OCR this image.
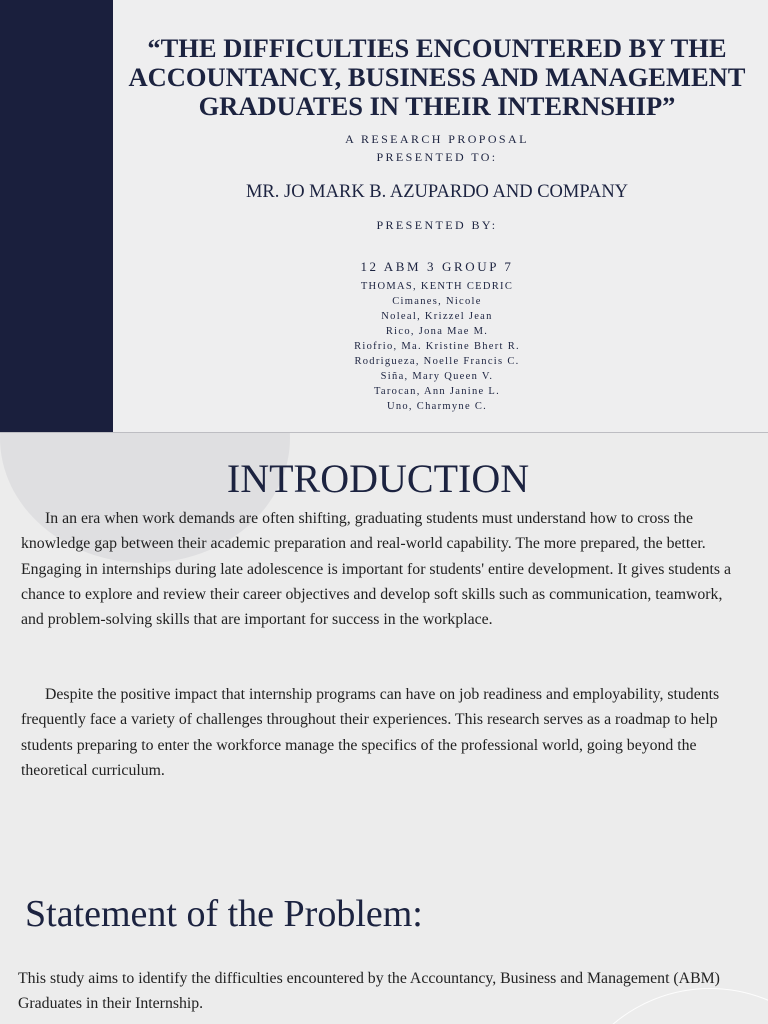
“THE DIFFICULTIES ENCOUNTERED BY THE ACCOUNTANCY, BUSINESS AND MANAGEMENT GRADUATES IN THEIR INTERNSHIP”
A RESEARCH PROPOSAL
PRESENTED TO:
MR. JO MARK B. AZUPARDO AND COMPANY
PRESENTED BY:
12 ABM 3 GROUP 7
THOMAS, KENTH CEDRIC
Cimanes, Nicole
Noleal, Krizzel Jean
Rico, Jona Mae M.
Riofrio, Ma. Kristine Bhert R.
Rodrigueza, Noelle Francis C.
Siña, Mary Queen V.
Tarocan, Ann Janine L.
Uno, Charmyne C.
INTRODUCTION

In an era when work demands are often shifting, graduating students must understand how to cross the knowledge gap between their academic preparation and real-world capability. The more prepared, the better. Engaging in internships during late adolescence is important for students' entire development. It gives students a chance to explore and review their career objectives and develop soft skills such as communication, teamwork, and problem-solving skills that are important for success in the workplace.

Despite the positive impact that internship programs can have on job readiness and employability, students frequently face a variety of challenges throughout their experiences. This research serves as a roadmap to help students preparing to enter the workforce manage the specifics of the professional world, going beyond the theoretical curriculum.

Statement of the Problem:

This study aims to identify the difficulties encountered by the Accountancy, Business and Management (ABM) Graduates in their Internship.
